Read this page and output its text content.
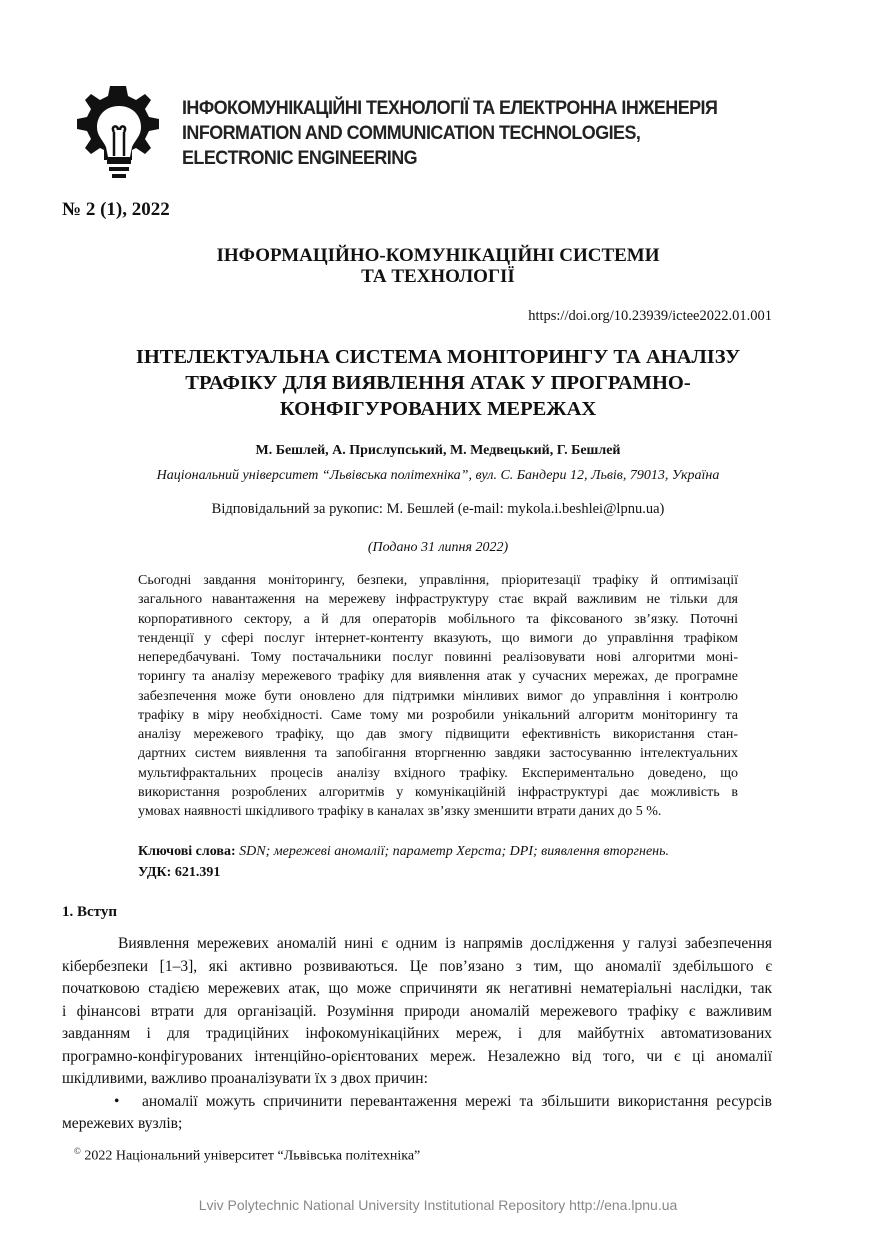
ІНФОКОМУНІКАЦІЙНІ ТЕХНОЛОГІЇ ТА ЕЛЕКТРОННА ІНЖЕНЕРІЯ
INFORMATION AND COMMUNICATION TECHNOLOGIES,
ELECTRONIC ENGINEERING
№ 2 (1), 2022
ІНФОРМАЦІЙНО-КОМУНІКАЦІЙНІ СИСТЕМИ
ТА ТЕХНОЛОГІЇ
https://doi.org/10.23939/ictee2022.01.001
ІНТЕЛЕКТУАЛЬНА СИСТЕМА МОНІТОРИНГУ ТА АНАЛІЗУ
ТРАФІКУ ДЛЯ ВИЯВЛЕННЯ АТАК У ПРОГРАМНО-
КОНФІГУРОВАНИХ МЕРЕЖАХ
М. Бешлей, А. Прислупський, М. Медвецький, Г. Бешлей
Національний університет “Львівська політехніка”, вул. С. Бандери 12, Львів, 79013, Україна
Відповідальний за рукопис: М. Бешлей (e-mail: mykola.i.beshlei@lpnu.ua)
(Подано 31 липня 2022)
Сьогодні завдання моніторингу, безпеки, управління, пріоритезації трафіку й оптимізації
загального навантаження на мережеву інфраструктуру стає вкрай важливим не тільки для
корпоративного сектору, а й для операторів мобільного та фіксованого зв’язку. Поточні
тенденції у сфері послуг інтернет-контенту вказують, що вимоги до управління трафіком
непередбачувані. Тому постачальники послуг повинні реалізовувати нові алгоритми моні-
торингу та аналізу мережевого трафіку для виявлення атак у сучасних мережах, де програмне
забезпечення може бути оновлено для підтримки мінливих вимог до управління і контролю
трафіку в міру необхідності. Саме тому ми розробили унікальний алгоритм моніторингу та
аналізу мережевого трафіку, що дав змогу підвищити ефективність використання стан-
дартних систем виявлення та запобігання вторгненню завдяки застосуванню інтелектуальних
мультифрактальних процесів аналізу вхідного трафіку. Експериментально доведено, що
використання розроблених алгоритмів у комунікаційній інфраструктурі дає можливість в
умовах наявності шкідливого трафіку в каналах зв’язку зменшити втрати даних до 5 %.
Ключові слова: SDN; мережеві аномалії; параметр Херста; DPI; виявлення вторгнень.
УДК: 621.391
1. Вступ
Виявлення мережевих аномалій нині є одним із напрямів дослідження у галузі забезпечення
кібербезпеки [1–3], які активно розвиваються. Це пов’язано з тим, що аномалії здебільшого є
початковою стадією мережевих атак, що може спричиняти як негативні нематеріальні наслідки, так
і фінансові втрати для організацій. Розуміння природи аномалій мережевого трафіку є важливим
завданням і для традиційних інфокомунікаційних мереж, і для майбутніх автоматизованих
програмно-конфігурованих інтенційно-орієнтованих мереж. Незалежно від того, чи є ці аномалії
шкідливими, важливо проаналізувати їх з двох причин:
аномалії можуть спричинити перевантаження мережі та збільшити використання ресурсів
•
мережевих вузлів;
© 2022 Національний університет “Львівська політехніка”
Lviv Polytechnic National University Institutional Repository http://ena.lpnu.ua
